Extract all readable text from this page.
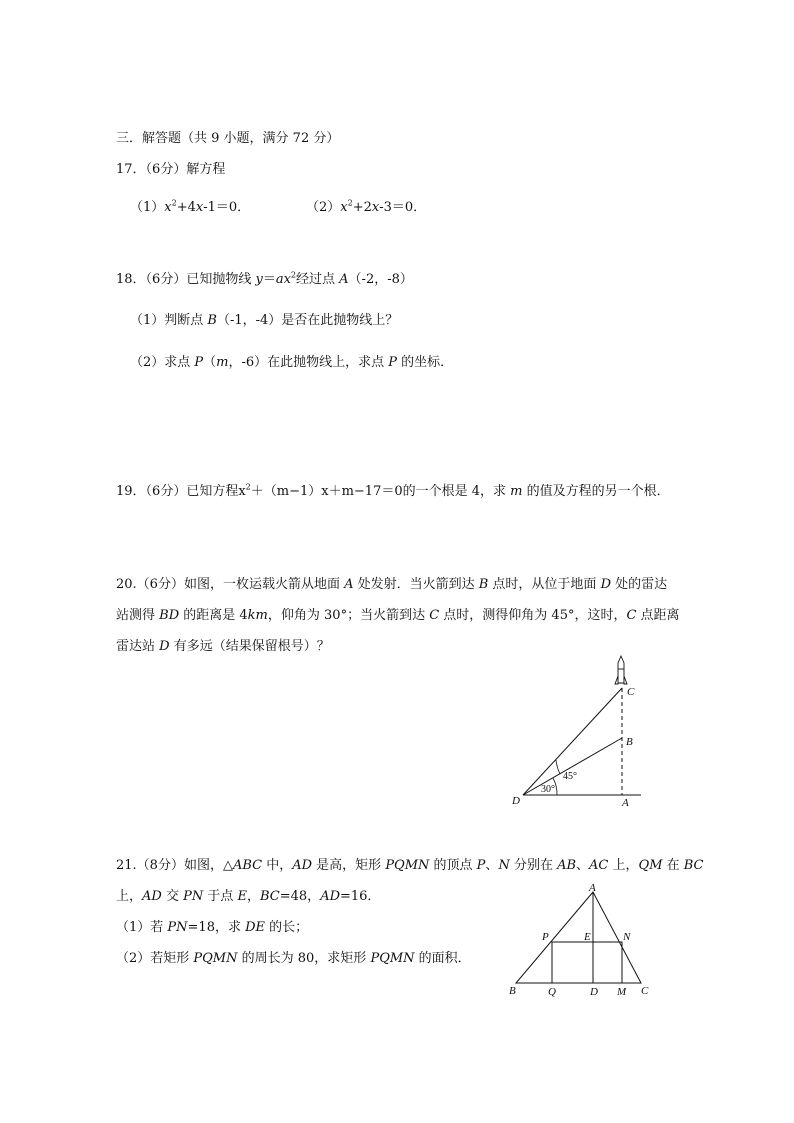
三．解答题（共 9 小题，满分 72 分）
17．（6分）解方程
$(1)x^2+4x-1=0$．	$(2)x^2+2x-3=0$．
18．（6分）已知抛物线 $y=ax^2$经过点 A（-2，-8）
（1）判断点 B（-1，-4）是否在此抛物线上？
（2）求点 P（m，-6）在此抛物线上，求点 P 的坐标．
19．（6分）已知方程$x^2+(m-1)x+m-17=0$的一个根是 4，求 m 的值及方程的另一个根．
20.（6分）如图，一枚运载火箭从地面 A 处发射．当火箭到达 B 点时，从位于地面 D 处的雷达
站测得 BD 的距离是 4km，仰角为 30°；当火箭到达 C 点时，测得仰角为 45°，这时，C 点距离
雷达站 D 有多远（结果保留根号）？
C
B
D	A
45°
30°
21.（8分）如图，△ABC 中，AD 是高，矩形 PQMN 的顶点 P、N 分别在 AB、AC 上，QM 在 BC
上，AD 交 PN 于点 E，BC=48，AD=16．
（1）若 PN=18，求 DE 的长；
（2）若矩形 PQMN 的周长为 80，求矩形 PQMN 的面积．
A
P	E	N
B	Q	D M C
